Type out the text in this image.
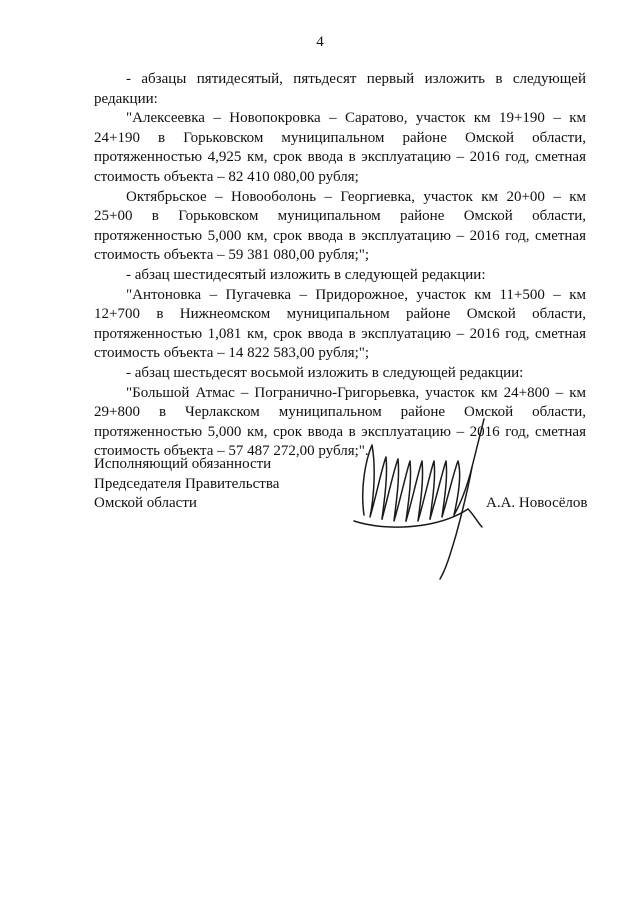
4

- абзацы пятидесятый, пятьдесят первый изложить в следующей редакции:

"Алексеевка – Новопокровка – Саратово, участок км 19+190 – км 24+190 в Горьковском муниципальном районе Омской области, протяженностью 4,925 км, срок ввода в эксплуатацию – 2016 год, сметная стоимость объекта – 82 410 080,00 рубля;

Октябрьское – Новооболонь – Георгиевка, участок км 20+00 – км 25+00 в Горьковском муниципальном районе Омской области, протяженностью 5,000 км, срок ввода в эксплуатацию – 2016 год, сметная стоимость объекта – 59 381 080,00 рубля;";

- абзац шестидесятый изложить в следующей редакции:

"Антоновка – Пугачевка – Придорожное, участок км 11+500 – км 12+700 в Нижнеомском муниципальном районе Омской области, протяженностью 1,081 км, срок ввода в эксплуатацию – 2016 год, сметная стоимость объекта – 14 822 583,00 рубля;";

- абзац шестьдесят восьмой изложить в следующей редакции:

"Большой Атмас – Погранично-Григорьевка, участок км 24+800 – км 29+800 в Черлакском муниципальном районе Омской области, протяженностью 5,000 км, срок ввода в эксплуатацию – 2016 год, сметная стоимость объекта – 57 487 272,00 рубля;".

Исполняющий обязанности
Председателя Правительства
Омской области	А.А. Новосёлов
